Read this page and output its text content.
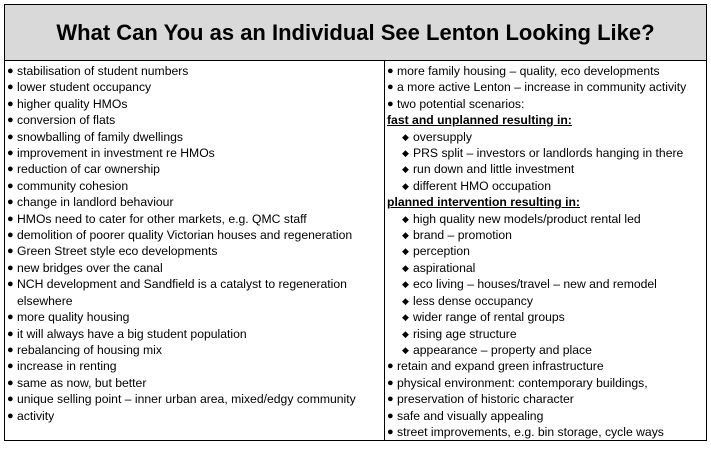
What Can You as an Individual See Lenton Looking Like?
● stabilisation of student numbers
● lower student occupancy
● higher quality HMOs
● conversion of flats
● snowballing of family dwellings
● improvement in investment re HMOs
● reduction of car ownership
● community cohesion
● change in landlord behaviour
● HMOs need to cater for other markets, e.g. QMC staff
● demolition of poorer quality Victorian houses and regeneration
● Green Street style eco developments
● new bridges over the canal
● NCH development and Sandfield is a catalyst to regeneration elsewhere
● more quality housing
● it will always have a big student population
● rebalancing of housing mix
● increase in renting
● same as now, but better
● unique selling point – inner urban area, mixed/edgy community
● activity
● more family housing – quality, eco developments
● a more active Lenton – increase in community activity
● two potential scenarios:
fast and unplanned resulting in:
◆ oversupply
◆ PRS split – investors or landlords hanging in there
◆ run down and little investment
◆ different HMO occupation
planned intervention resulting in:
◆ high quality new models/product rental led
◆ brand – promotion
◆ perception
◆ aspirational
◆ eco living – houses/travel – new and remodel
◆ less dense occupancy
◆ wider range of rental groups
◆ rising age structure
◆ appearance – property and place
● retain and expand green infrastructure
● physical environment: contemporary buildings,
● preservation of historic character
● safe and visually appealing
● street improvements, e.g. bin storage, cycle ways
